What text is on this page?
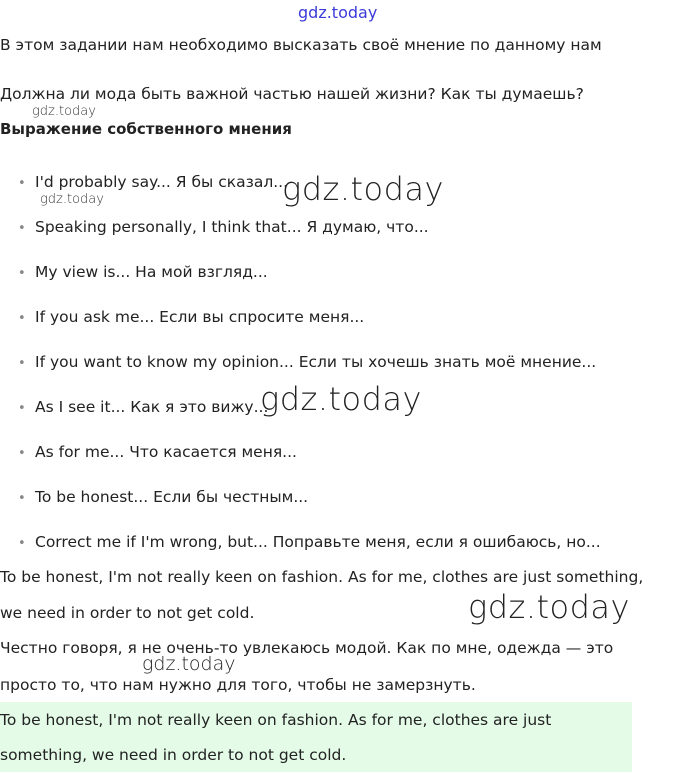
gdz.today
В этом задании нам необходимо высказать своё мнение по данному нам
Должна ли мода быть важной частью нашей жизни? Как ты думаешь?
gdz.today
Выражение собственного мнения
• I'd probably say... Я бы сказал...
• Speaking personally, I think that... Я думаю, что...
• My view is... На мой взгляд...
• If you ask me... Если вы спросите меня...
• If you want to know my opinion... Если ты хочешь знать моё мнение...
• As I see it... Как я это вижу...
• As for me... Что касается меня...
• To be honest... Если бы честным...
• Correct me if I'm wrong, but... Поправьте меня, если я ошибаюсь, но...
gdz.today
gdz.today
gdz.today
To be honest, I'm not really keen on fashion. As for me, clothes are just something,
we need in order to not get cold.	gdz.today
Честно говоря, я не очень-то увлекаюсь модой. Как по мне, одежда — это
просто то, что нам нужно для того, чтобы не замерзнуть.
gdz.today
To be honest, I'm not really keen on fashion. As for me, clothes are just
something, we need in order to not get cold.
